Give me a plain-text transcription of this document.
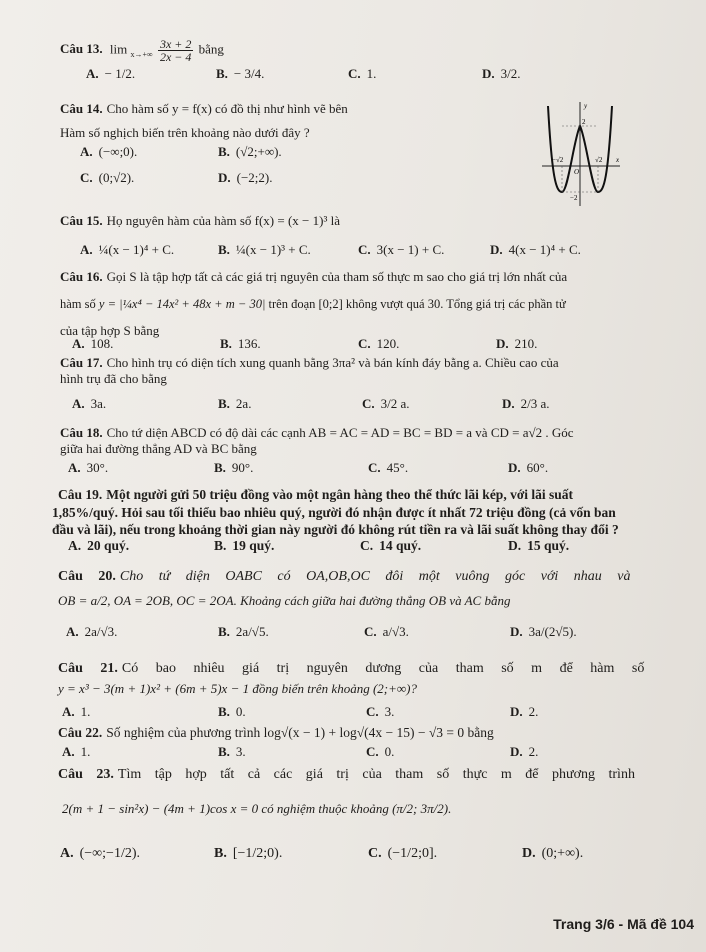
Câu 13. $\lim _{x\to+\infty} \frac{3x + 2}{2x - 4}$ bằng
A. − 1/2.	B. − 3/4.	C. 1.	D. 3/2.
Câu 14. Cho hàm số y = f(x) có đồ thị như hình vẽ bên
Hàm số nghịch biến trên khoảng nào dưới đây ?
A. (−∞;0).	B. (√2;+∞).
C. (0;√2).	D. (−2;2).
y
x
2
−√2	√2
O
−2
Câu 15. Họ nguyên hàm của hàm số f(x) = (x − 1)³ là
A. ¼(x − 1)⁴ + C.	B. ¼(x − 1)³ + C.	C. 3(x − 1) + C.	D. 4(x − 1)⁴ + C.
Câu 16. Gọi S là tập hợp tất cả các giá trị nguyên của tham số thực m sao cho giá trị lớn nhất của
hàm số y = |¼x⁴ − 14x² + 48x + m − 30| trên đoạn [0;2] không vượt quá 30. Tổng giá trị các phần tử
của tập hợp S bằng
A. 108.	B. 136.	C. 120.	D. 210.
Câu 17. Cho hình trụ có diện tích xung quanh bằng 3πa² và bán kính đáy bằng a. Chiều cao của
hình trụ đã cho bằng
A. 3a.	B. 2a.	C. 3/2 a.	D. 2/3 a.
Câu 18. Cho tứ diện ABCD có độ dài các cạnh AB = AC = AD = BC = BD = a và CD = a√2 . Góc
giữa hai đường thẳng AD và BC bằng
A. 30°.	B. 90°.	C. 45°.	D. 60°.
Câu 19. Một người gửi 50 triệu đồng vào một ngân hàng theo thể thức lãi kép, với lãi suất
1,85%/quý. Hỏi sau tối thiểu bao nhiêu quý, người đó nhận được ít nhất 72 triệu đồng (cả vốn ban
đầu và lãi), nếu trong khoảng thời gian này người đó không rút tiền ra và lãi suất không thay đổi ?
A. 20 quý.	B. 19 quý.	C. 14 quý.	D. 15 quý.
Câu 20. Cho tứ diện OABC có OA,OB,OC đôi một vuông góc với nhau và
OB = a/2, OA = 2OB, OC = 2OA. Khoảng cách giữa hai đường thẳng OB và AC bằng
A. 2a/√3.	B. 2a/√5.	C. a/√3.	D. 3a/(2√5).
Câu 21. Có bao nhiêu giá trị nguyên dương của tham số m để hàm số
y = x³ − 3(m + 1)x² + (6m + 5)x − 1 đồng biến trên khoảng (2;+∞)?
A. 1.	B. 0.	C. 3.	D. 2.
Câu 22. Số nghiệm của phương trình log√(x − 1) + log√(4x − 15) − √3 = 0 bằng
A. 1.	B. 3.	C. 0.	D. 2.
Câu 23. Tìm tập hợp tất cả các giá trị của tham số thực m để phương trình
2(m + 1 − sin²x) − (4m + 1)cos x = 0 có nghiệm thuộc khoảng (π/2; 3π/2).
A. (−∞;−1/2).	B. [−1/2;0).	C. (−1/2;0].	D. (0;+∞).
Trang 3/6 - Mã đề 104
